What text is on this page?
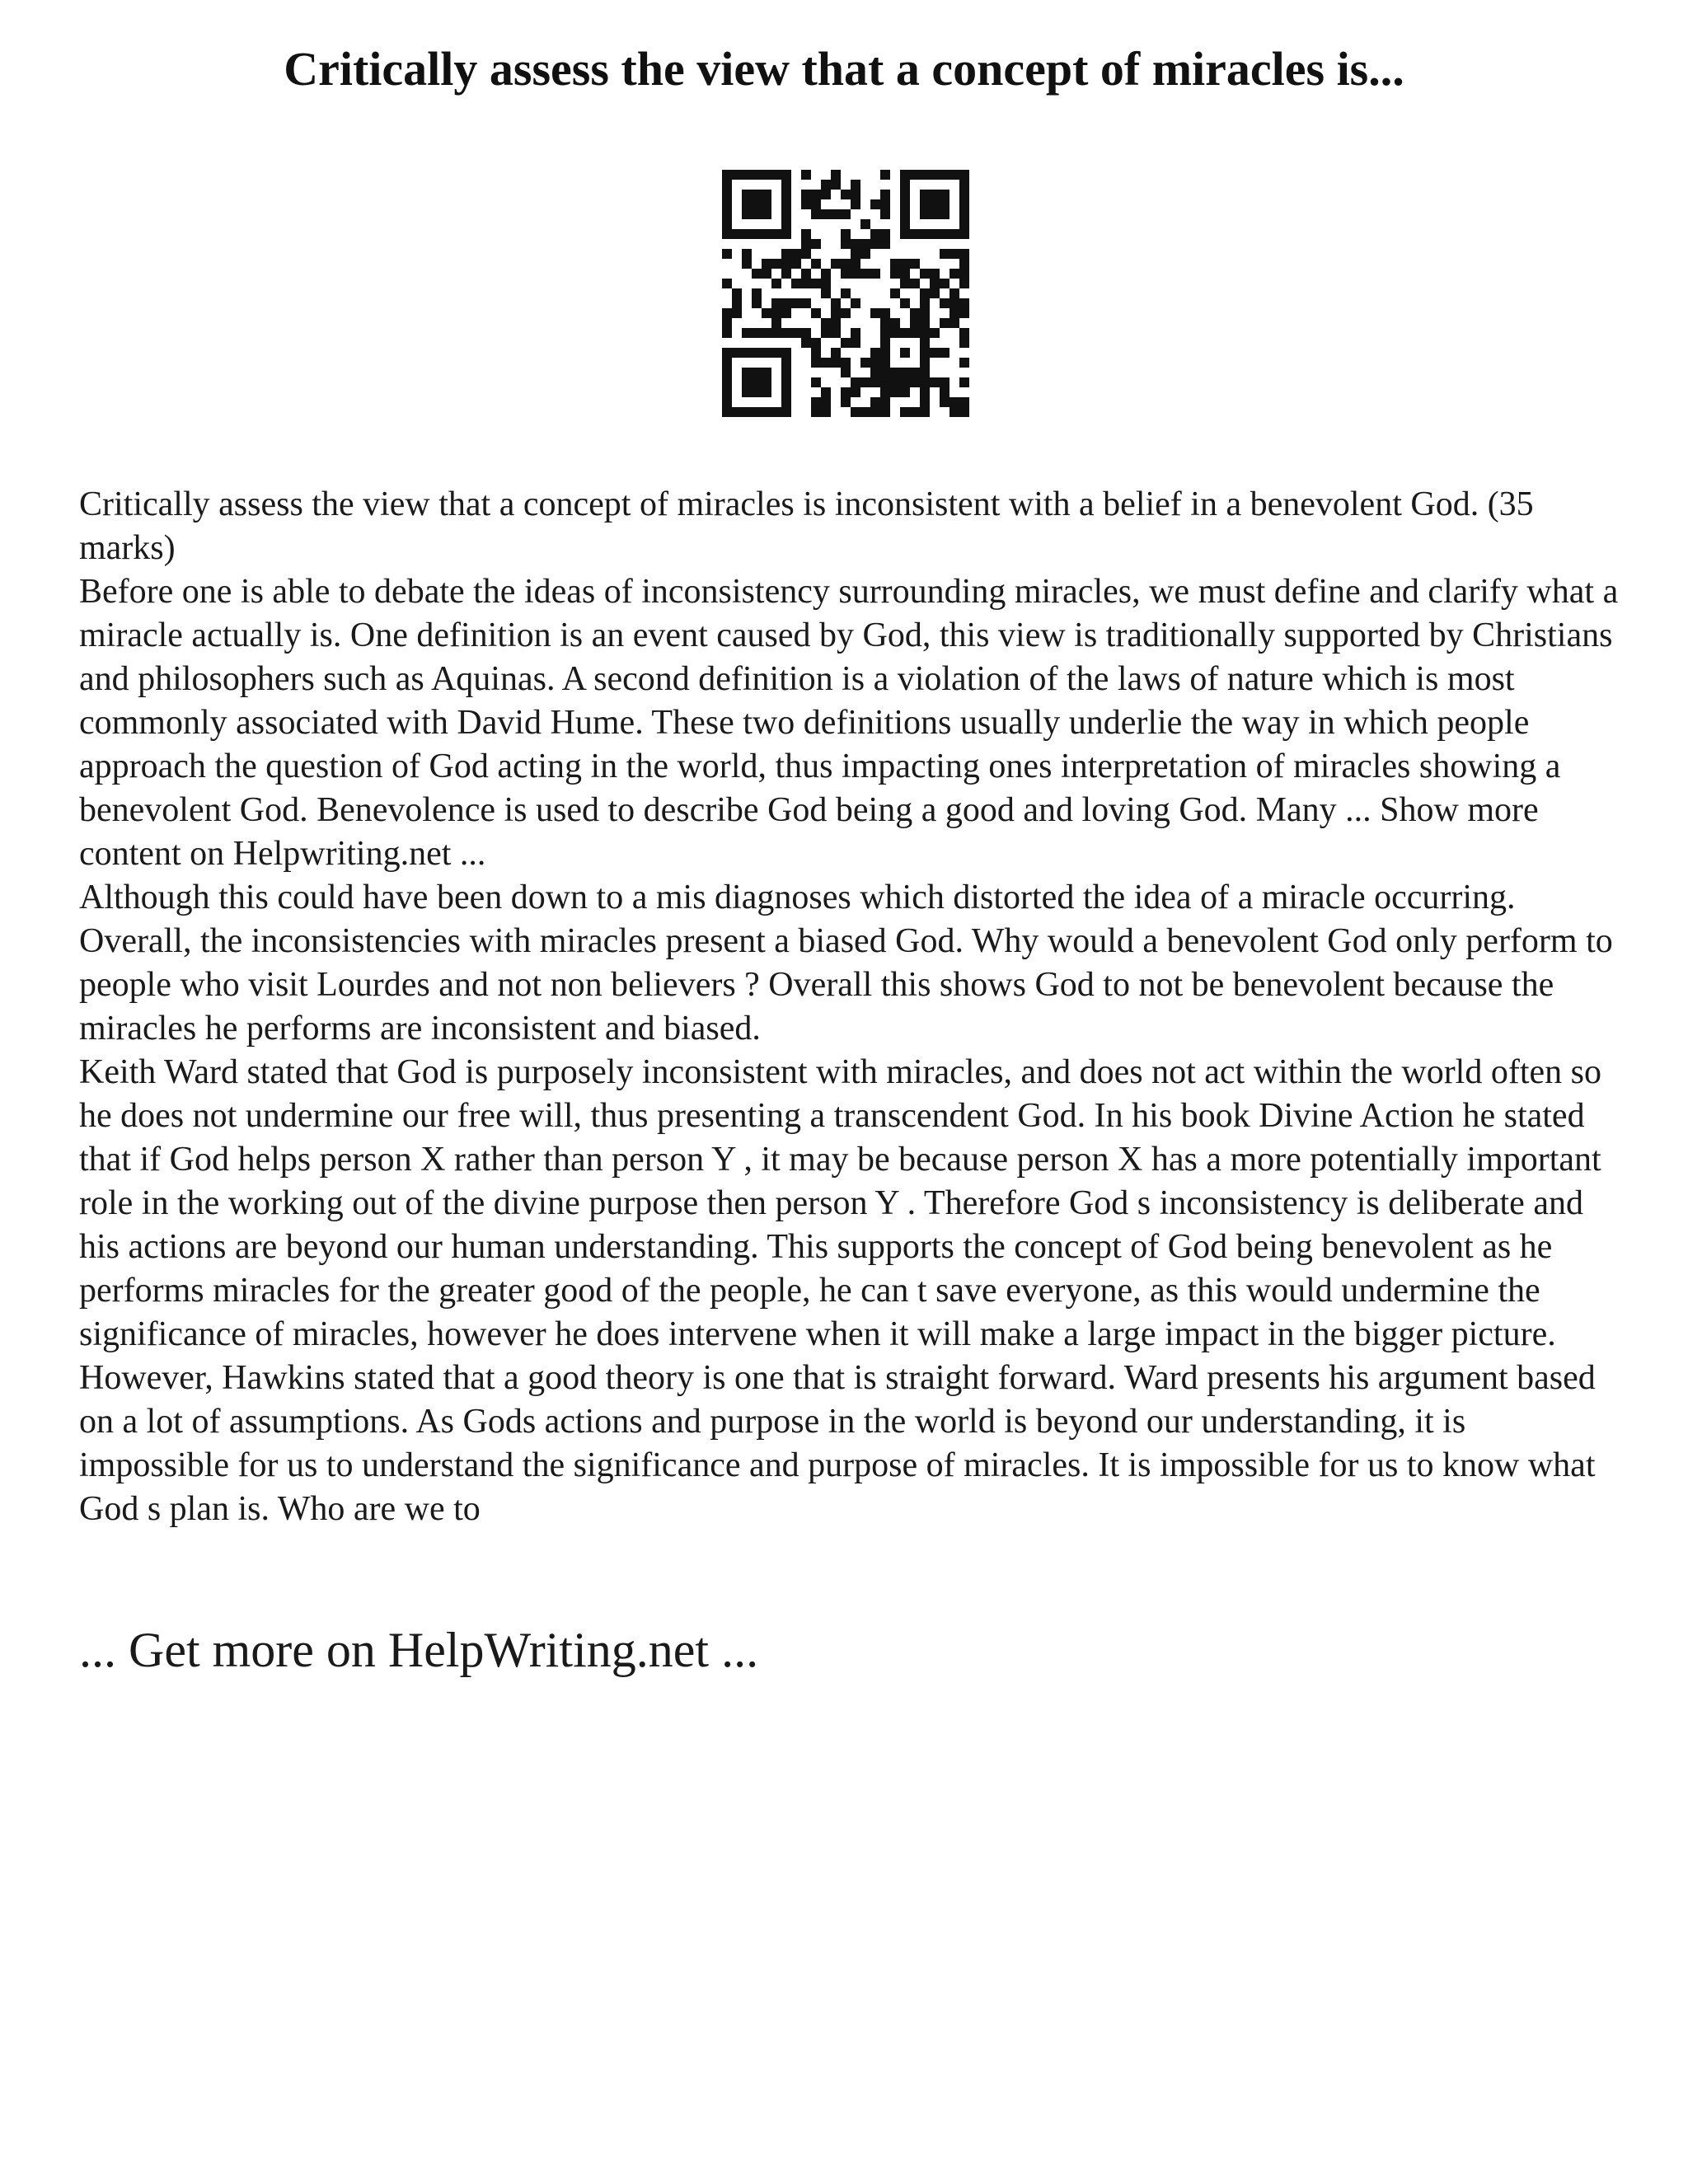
Critically assess the view that a concept of miracles is...

Critically assess the view that a concept of miracles is inconsistent with a belief in a benevolent God. (35 marks)

Before one is able to debate the ideas of inconsistency surrounding miracles, we must define and clarify what a miracle actually is. One definition is an event caused by God, this view is traditionally supported by Christians and philosophers such as Aquinas. A second definition is a violation of the laws of nature which is most commonly associated with David Hume. These two definitions usually underlie the way in which people approach the question of God acting in the world, thus impacting ones interpretation of miracles showing a benevolent God. Benevolence is used to describe God being a good and loving God. Many ... Show more content on Helpwriting.net ...

Although this could have been down to a mis diagnoses which distorted the idea of a miracle occurring. Overall, the inconsistencies with miracles present a biased God. Why would a benevolent God only perform to people who visit Lourdes and not non believers ? Overall this shows God to not be benevolent because the miracles he performs are inconsistent and biased.

Keith Ward stated that God is purposely inconsistent with miracles, and does not act within the world often so he does not undermine our free will, thus presenting a transcendent God. In his book Divine Action he stated that if God helps person X rather than person Y , it may be because person X has a more potentially important role in the working out of the divine purpose then person Y . Therefore God s inconsistency is deliberate and his actions are beyond our human understanding. This supports the concept of God being benevolent as he performs miracles for the greater good of the people, he can t save everyone, as this would undermine the significance of miracles, however he does intervene when it will make a large impact in the bigger picture. However, Hawkins stated that a good theory is one that is straight forward. Ward presents his argument based on a lot of assumptions. As Gods actions and purpose in the world is beyond our understanding, it is impossible for us to understand the significance and purpose of miracles. It is impossible for us to know what God s plan is. Who are we to

... Get more on HelpWriting.net ...
